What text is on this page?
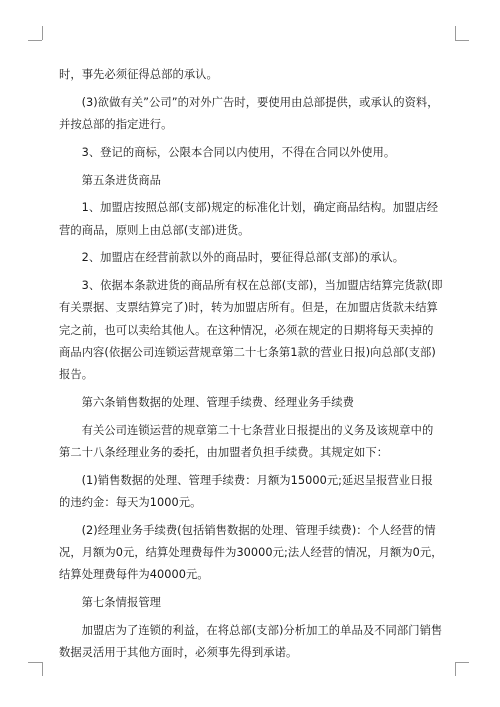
时，事先必须征得总部的承认。

(3)欲做有关”公司”的对外广告时，要使用由总部提供，或承认的资料，并按总部的指定进行。

3、登记的商标，公限本合同以内使用，不得在合同以外使用。

第五条进货商品

1、加盟店按照总部(支部)规定的标准化计划，确定商品结构。加盟店经营的商品，原则上由总部(支部)进货。

2、加盟店在经营前款以外的商品时，要征得总部(支部)的承认。

3、依据本条款进货的商品所有权在总部(支部)，当加盟店结算完货款(即有关票据、支票结算完了)时，转为加盟店所有。但是，在加盟店货款未结算完之前，也可以卖给其他人。在这种情况，必须在规定的日期将每天卖掉的商品内容(依据公司连锁运营规章第二十七条第1款的营业日报)向总部(支部)报告。

第六条销售数据的处理、管理手续费、经理业务手续费

有关公司连锁运营的规章第二十七条营业日报提出的义务及该规章中的第二十八条经理业务的委托，由加盟者负担手续费。其规定如下：

(1)销售数据的处理、管理手续费：月额为15000元;延迟呈报营业日报的违约金：每天为1000元。

(2)经理业务手续费(包括销售数据的处理、管理手续费)：个人经营的情况，月额为0元，结算处理费每件为30000元;法人经营的情况，月额为0元，结算处理费每件为40000元。

第七条情报管理

加盟店为了连锁的利益，在将总部(支部)分析加工的单品及不同部门销售数据灵活用于其他方面时，必须事先得到承诺。
